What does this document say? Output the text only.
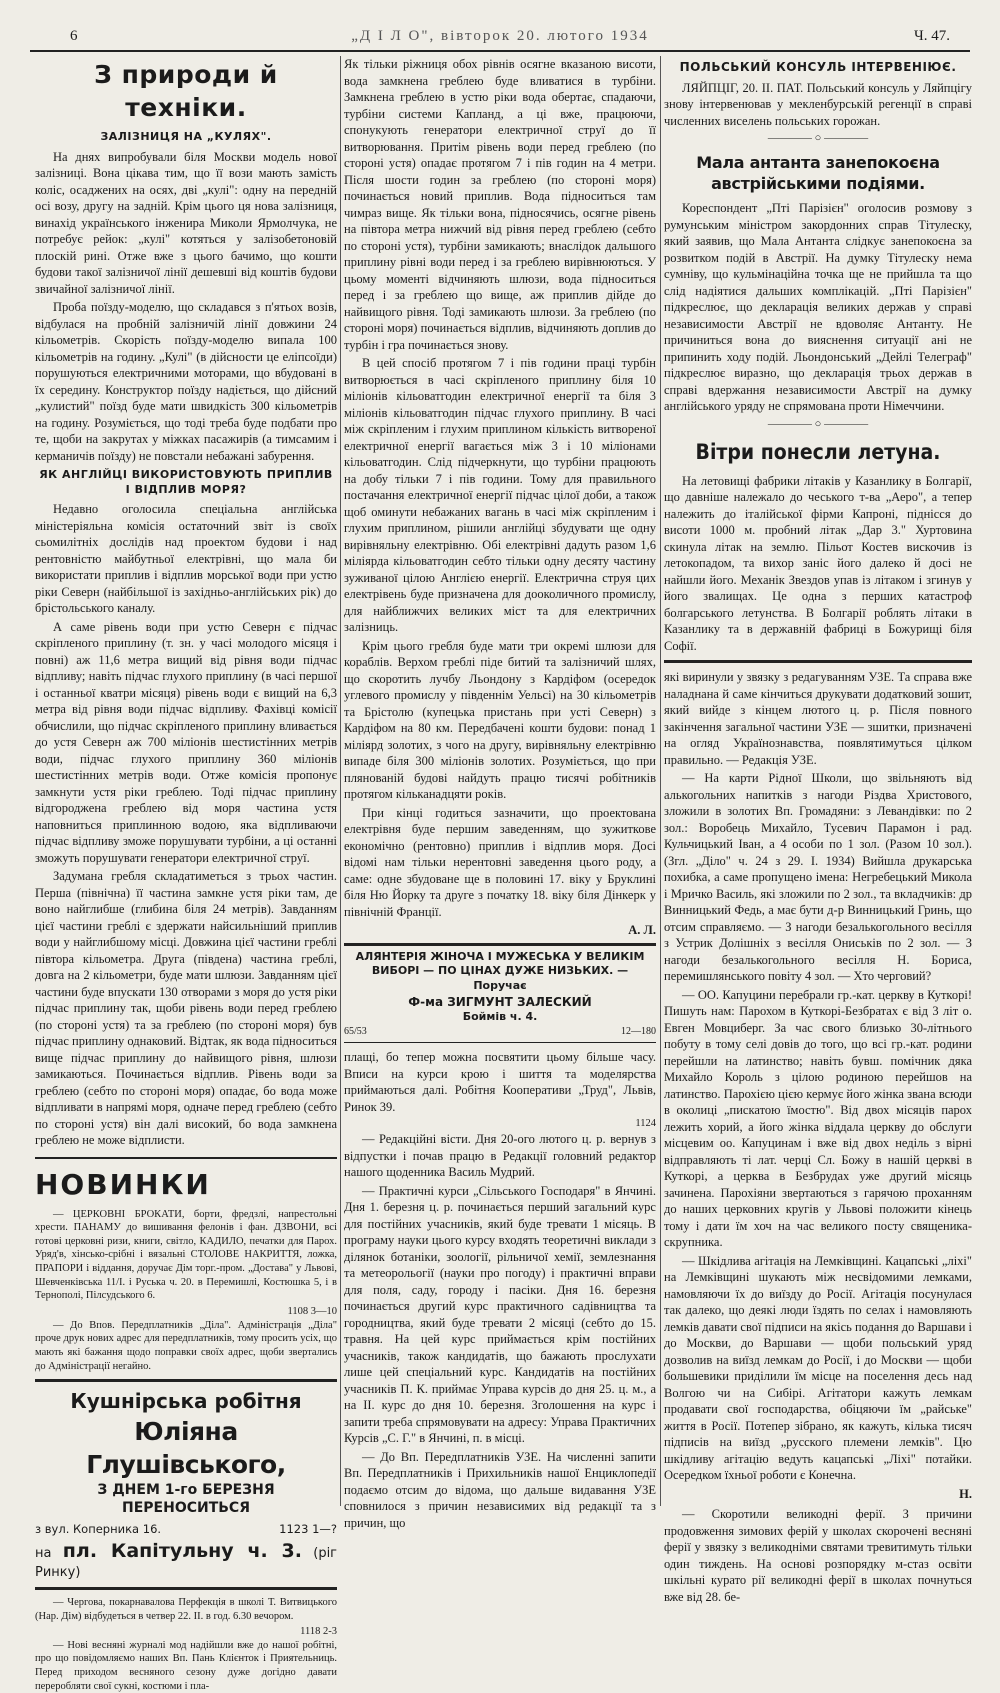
6	„Д І Л О", вівторок 20. лютого 1934	Ч. 47.
З природи й техніки.
ЗАЛІЗНИЦЯ НА „КУЛЯХ".

На днях випробували біля Москви модель нової залізниці. Вона цікава тим, що її вози мають замість коліс, осаджених на осях, дві „кулі": одну на передній осі возу, другу на задній. Крім цього ця нова залізниця, винахід українського інженира Миколи Ярмолчука, не потребує рейок: „кулі" котяться у залізобетоновій плоскій рині. Отже вже з цього бачимо, що кошти будови такої залізничої лінії дешевші від коштів будови звичайної залізничої лінії.

Проба поїзду-моделю, що складався з п'ятьох возів, відбулася на пробній залізничій лінії довжини 24 кільометрів. Скорість поїзду-моделю випала 100 кільометрів на годину. „Кулі" (в дійсности це еліпсоїди) порушуються електричними моторами, що вбудовані в їх середину. Конструктор поїзду надіється, що дійсний „кулистий" поїзд буде мати швидкість 300 кільометрів на годину. Розуміється, що тоді треба буде подбати про те, щоби на закрутах у міжках пасажирів (а тимсамим і керманичів поїзду) не повстали небажані забурення.

ЯК АНГЛІЙЦІ ВИКОРИСТОВУЮТЬ ПРИПЛИВ І ВІДПЛИВ МОРЯ?

Недавно оголосила спеціальна англійська міністеріяльна комісія остаточний звіт із своїх сьомилітніх дослідів над проектом будови і над рентовністю майбутньої електрівні, що мала би використати приплив і відплив морської води при устю ріки Северн (найбільшої із західньо-англійських рік) до брістольського каналу.

А саме рівень води при устю Северн є підчас скріпленого приплину (т. зн. у часі молодого місяця і повні) аж 11,6 метра вищий від рівня води підчас відпливу; навіть підчас глухого приплину (в часі першої і останньої кватри місяця) рівень води є вищий на 6,3 метра від рівня води підчас відпливу. Фахівці комісії обчислили, що підчас скріпленого приплину вливається до устя Северн аж 700 міліонів шестистінних метрів води, підчас глухого приплину 360 міліонів шестистінних метрів води. Отже комісія пропонує замкнути устя ріки греблею. Тоді підчас приплину відгороджена греблею від моря частина устя наповниться приплинною водою, яка відпливаючи підчас відпливу зможе порушувати турбіни, а ці останні зможуть порушувати генератори електричної струї.

Задумана гребля складатиметься з трьох частин. Перша (північна) її частина замкне устя ріки там, де воно найглибше (глибина біля 24 метрів). Завданням цієї частини греблі є здержати найсильніший приплив води у найглибшому місці. Довжина цієї частини греблі півтора кільометра. Друга (південа) частина греблі, довга на 2 кільометри, буде мати шлюзи. Завданням цієї частини буде впускати 130 отворами з моря до устя ріки підчас приплину так, щоби рівень води перед греблею (по стороні устя) та за греблею (по стороні моря) був підчас приплину однаковий. Відтак, як вода підноситься вище підчас приплину до найвищого рівня, шлюзи замикаються. Починається відплив. Рівень води за греблею (себто по стороні моря) опадає, бо вода може відпливати в напрямі моря, одначе перед греблею (себто по стороні устя) він далі високий, бо вода замкнена греблею не може відплисти.

НОВИНКИ

— ЦЕРКОВНІ БРОКАТИ, борти, фредзлі, напрестольні хрести. ПАНАМУ до вишивання фелонів і фан. ДЗВОНИ, всі готові церковні ризи, книги, світло, КАДИЛО, печатки для Парох. Уряд'в, хінсько-срібні і вязальні СТОЛОВЕ НАКРИТТЯ, ложка, ПРАПОРИ і віддання, доручає Дім торг.-пром. „Достава" у Львові, Шевченківська 11/І. і Руська ч. 20. в Перемишлі, Костюшка 5, і в Тернополі, Пілсудського 6.

1108 3—10

— До Впов. Передплатників „Діла". Адміністрація „Діла" проче друк нових адрес для передплатників, тому просить усіх, що мають які бажання щодо поправки своїх адрес, щоби звертались до Адміністрації негайно.

Кушнірська робітня
Юліяна Глушівського,
З ДНЕМ 1-го БЕРЕЗНЯ ПЕРЕНОСИТЬСЯ
з вул. Коперника 16.	1123 1—?
на пл. Капітульну ч. 3. (ріг Ринку)

— Чергова, покарнавалова Перфекція в школі Т. Витвицького (Нар. Дім) відбудеться в четвер 22. II. в год. 6.30 вечором.

1118 2-3

— Нові весняні журналі мод надійшли вже до нашої робітні, про що повідомляємо наших Вп. Пань Клієнток і Приятельниць. Перед приходом весняного сезону дуже догідно давати переробляти свої сукні, костюми і пла-

Як тільки ріжниця обох рівнів осягне вказаною висоти, вода замкнена греблею буде вливатися в турбіни. Замкнена греблею в устю ріки вода обертає, спадаючи, турбіни системи Капланд, а ці вже, працюючи, спонукують генератори електричної струї до її витворювання. Притім рівень води перед греблею (по стороні устя) опадає протягом 7 і пів годин на 4 метри. Після шости годин за греблею (по стороні моря) починається новий приплив. Вода підноситься там чимраз вище. Як тільки вона, підносячись, осягне рівень на півтора метра нижчий від рівня перед греблею (себто по стороні устя), турбіни замикають; внаслідок дальшого приплину рівні води перед і за греблею вирівнюються. У цьому моменті відчиняють шлюзи, вода підноситься перед і за греблею що вище, аж приплив дійде до найвищого рівня. Тоді замикають шлюзи. За греблею (по стороні моря) починається відплив, відчиняють доплив до турбін і гра починається знову.

В цей спосіб протягом 7 і пів години праці турбін витворюється в часі скріпленого приплину біля 10 міліонів кільоватгодин електричної енергії та біля 3 міліонів кільоватгодин підчас глухого приплину. В часі між скріпленим і глухим приплином кількість витвореної електричної енергії вагається між 3 і 10 міліонами кільоватгодин. Слід підчеркнути, що турбіни працюють на добу тільки 7 і пів години. Тому для правильного постачання електричної енергії підчас цілої доби, а також щоб оминути небажаних вагань в часі між скріпленим і глухим приплином, рішили англійці збудувати ще одну вирівняльну електрівню. Обі електрівні дадуть разом 1,6 міліярда кільоватгодин себто тільки одну десяту частину зуживаної цілою Англією енергії. Електрична струя цих електрівень буде призначена для дооколичного промислу, для найближчих великих міст та для електричних залізниць.

Крім цього гребля буде мати три окремі шлюзи для кораблів. Верхом греблі піде битий та залізничий шлях, що скоротить лучбу Льондону з Кардіфом (осередок углевого промислу у південнім Уельсі) на 30 кільометрів та Брістолю (купецька пристань при усті Северн) з Кардіфом на 80 км. Передбачені кошти будови: понад 1 міліярд золотих, з чого на другу, вирівняльну електрівню випаде біля 300 міліонів золотих. Розуміється, що при плянованій будові найдуть працю тисячі робітників протягом кільканадцяти років.

При кінці годиться зазначити, що проектована електрівня буде першим заведенням, що зужиткове економічно (рентовно) приплив і відплив моря. Досі відомі нам тільки нерентовні заведення цього роду, а саме: одне збудоване ще в половині 17. віку у Бруклині біля Ню Йорку та друге з початку 18. віку біля Дінкерк у північній Франції.

А. Л.
АЛЯНТЕРІЯ ЖІНОЧА І МУЖЕСЬКА У ВЕЛИКІМ ВИБОРІ — ПО ЦІНАХ ДУЖЕ НИЗЬКИХ. — Поручає
Ф-ма ЗИГМУНТ ЗАЛЕСКИЙ
Боймів ч. 4.
65/53	12—180

плащі, бо тепер можна посвятити цьому більше часу. Вписи на курси крою і шиття та моделярства приймаються далі. Робітня Кооперативи „Труд", Львів, Ринок 39.

1124

— Редакційні вісти. Дня 20-ого лютого ц. р. вернув з відпустки і почав працю в Редакції головний редактор нашого щоденника Василь Мудрий.

— Практичні курси „Сільського Господаря" в Янчині. Дня 1. березня ц. р. починається перший загальний курс для постійних учасників, який буде тревати 1 місяць. В програму науки цього курсу входять теоретичні виклади з ділянок ботаніки, зоології, рільничої хемії, землезнання та метеорольогії (науки про погоду) і практичні вправи для поля, саду, городу і пасіки. Дня 16. березня починається другий курс практичного садівництва та городництва, який буде тревати 2 місяці (себто до 15. травня. На цей курс приймається крім постійних учасників, також кандидатів, що бажають прослухати лише цей спеціальний курс. Кандидатів на постійних учасників П. К. приймає Управа курсів до дня 25. ц. м., а на II. курс до дня 10. березня. Зголошення на курс і запити треба спрямовувати на адресу: Управа Практичних Курсів „С. Г." в Янчині, п. в місці.

— До Вп. Передплатників УЗЕ. На численні запити Вп. Передплатників і Прихильників нашої Енциклопедії подаємо отсим до відома, що дальше видавання УЗЕ сповнилося з причин независимих від редакції та з причин, що

ПОЛЬСЬКИЙ КОНСУЛЬ ІНТЕРВЕНІЮЄ.

ЛЯЙПЦІГ, 20. II. ПАТ. Польський консуль у Ляйпцігу знову інтервенював у мекленбурській регенції в справі численних виселень польських горожан.

———— ○ ————
Мала антанта занепокоєна австрійськими подіями.

Кореспондент „Пті Парізієн" оголосив розмову з румунським міністром закордонних справ Тітулеску, який заявив, що Мала Антанта слідкує занепокоєна за розвитком подій в Австрії. На думку Тітулеску нема сумніву, що кульмінаційна точка ще не прийшла та що слід надіятися дальших комплікацій. „Пті Парізієн" підкреслює, що декларація великих держав у справі независимости Австрії не вдоволяє Антанту. Не причиниться вона до вияснення ситуації ані не припинить ходу подій. Льондонський „Дейлі Телеграф" підкреслює виразно, що декларація трьох держав в справі вдержання независимости Австрії на думку англійського уряду не спрямована проти Німеччини.

———— ○ ————
Вітри понесли летуна.

На летовищі фабрики літаків у Казанлику в Болгарії, що давніше належало до чеського т-ва „Аеро", а тепер належить до італійської фірми Капроні, піднісся до висоти 1000 м. пробний літак „Дар 3." Хуртовина скинула літак на землю. Пільот Костев вискочив із летокопадом, та вихор заніс його далеко й досі не найшли його. Механік Звездов упав із літаком і згинув у його звалищах. Це одна з перших катастроф болгарського летунства. В Болгарії роблять літаки в Казанлику та в державній фабриці в Божурищі біля Софії.

які виринули у звязку з редагуванням УЗЕ. Та справа вже наладнана й саме кінчиться друкувати додатковий зошит, який вийде з кінцем лютого ц. р. Після повного закінчення загальної частини УЗЕ — зшитки, призначені на огляд Українознавства, появлятимуться цілком правильно. — Редакція УЗЕ.

— На карти Рідної Школи, що звільняють від алькогольних напитків з нагоди Різдва Христового, зложили в золотих Вп. Громадяни: з Левандівки: по 2 зол.: Воробець Михайло, Тусевич Парамон і рад. Кульчицький Іван, а 4 особи по 1 зол. (Разом 10 зол.). (Згл. „Діло" ч. 24 з 29. І. 1934) Вийшла друкарська похибка, а саме пропущено імена: Негребецький Микола і Мричко Василь, які зложили по 2 зол., та вкладчиків: др Винницький Федь, а має бути д-р Винницький Гринь, що отсим справляємо. — З нагоди безалькогольного весілля з Устрик Долішніх з весілля Ониськів по 2 зол. — З нагоди безалькогольного весілля Н. Бориса, перемишлянського повіту 4 зол. — Хто черговий?

— ОО. Капуцини перебрали гр.-кат. церкву в Куткорі! Пишуть нам: Парохом в Куткорі-Безбратах є від 3 літ о. Евген Мовциберг. За час свого близько 30-літнього побуту в тому селі довів до того, що всі гр.-кат. родини перейшли на латинство; навіть бувш. помічник дяка Михайло Король з цілою родиною перейшов на латинство. Парохією цією кермує його жінка звана всюди в околиці „пискатою їмостю". Від двох місяців парох лежить хорий, а його жінка віддала церкву до обслуги місцевим оо. Капуцинам і вже від двох неділь з вірні відправляють ті лат. черці Сл. Божу в нашій церкві в Куткорі, а церква в Безбрудах уже другий місяць зачинена. Парохіяни звертаються з гарячою проханням до наших церковних кругів у Львові положити кінець тому і дати їм хоч на час великого посту священика-скрупника.

— Шкідлива агітація на Лемківщині. Кацапські „ліхі" на Лемківщині шукають між несвідомими лемками, намовляючи їх до виїзду до Росії. Агітація посунулася так далеко, що деякі люди їздять по селах і намовляють лемків давати свої підписи на якісь подання до Варшави і до Москви, до Варшави — щоби польський уряд дозволив на виїзд лемкам до Росії, і до Москви — щоби большевики приділили їм місце на поселення десь над Волгою чи на Сибірі. Агітатори кажуть лемкам продавати свої господарства, обіцяючи їм „райське" життя в Росії. Потепер зібрано, як кажуть, кілька тисяч підписів на виїзд „русского племени лемків". Цю шкідливу агітацію ведуть кацапські „Ліхі" потайки. Осередком їхньої роботи є Конечна.

Н.

— Скоротили великодні ферії. З причини продовження зимових ферій у школах скорочені весняні ферії у звязку з великодніми святами тревитимуть тільки один тиждень. На основі розпорядку м-стаз освіти шкільні курато рії великодні ферії в школах почнуться вже від 28. бе-
